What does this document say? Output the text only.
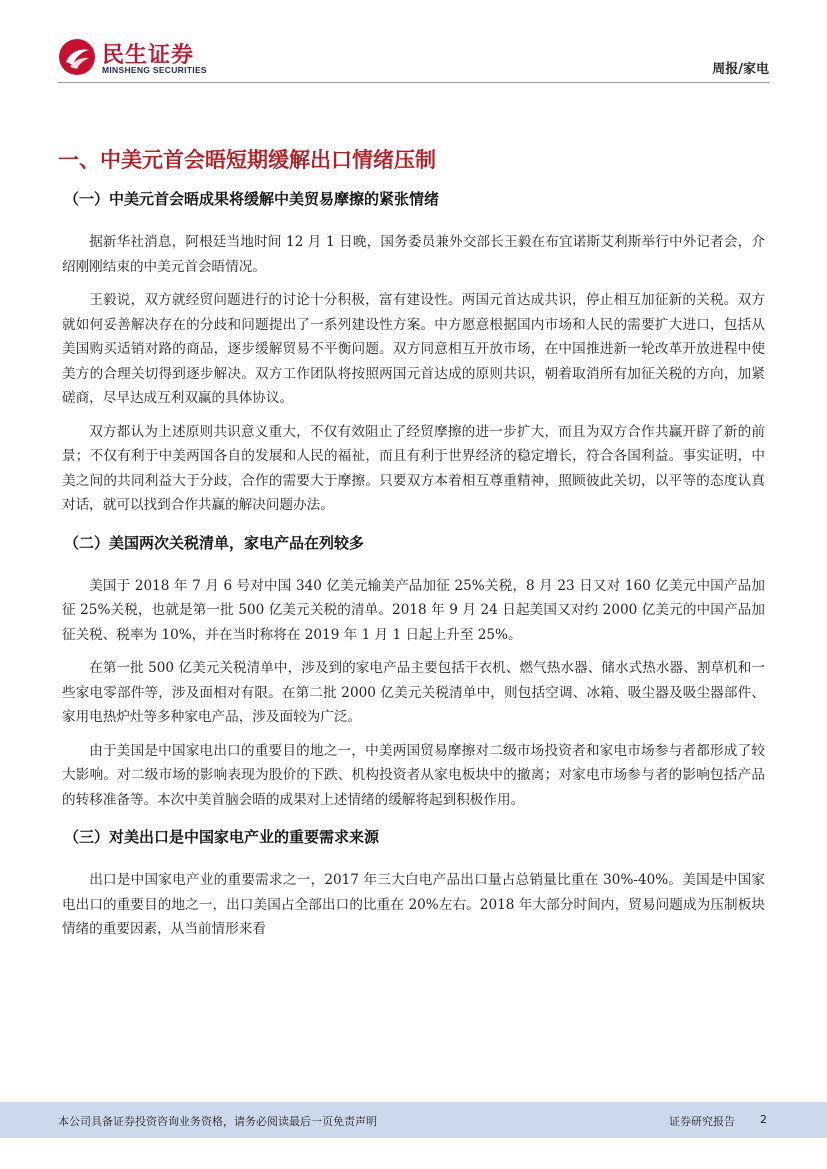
民生证券
MINSHENG SECURITIES	周报/家电
一、中美元首会晤短期缓解出口情绪压制
（一）中美元首会晤成果将缓解中美贸易摩擦的紧张情绪

据新华社消息，阿根廷当地时间 12 月 1 日晚，国务委员兼外交部长王毅在布宜诺斯艾利斯举行中外记者会，介绍刚刚结束的中美元首会晤情况。

王毅说，双方就经贸问题进行的讨论十分积极，富有建设性。两国元首达成共识，停止相互加征新的关税。双方就如何妥善解决存在的分歧和问题提出了一系列建设性方案。中方愿意根据国内市场和人民的需要扩大进口，包括从美国购买适销对路的商品，逐步缓解贸易不平衡问题。双方同意相互开放市场，在中国推进新一轮改革开放进程中使美方的合理关切得到逐步解决。双方工作团队将按照两国元首达成的原则共识，朝着取消所有加征关税的方向，加紧磋商，尽早达成互利双赢的具体协议。

双方都认为上述原则共识意义重大，不仅有效阻止了经贸摩擦的进一步扩大，而且为双方合作共赢开辟了新的前景；不仅有利于中美两国各自的发展和人民的福祉，而且有利于世界经济的稳定增长，符合各国利益。事实证明，中美之间的共同利益大于分歧，合作的需要大于摩擦。只要双方本着相互尊重精神，照顾彼此关切，以平等的态度认真对话，就可以找到合作共赢的解决问题办法。

（二）美国两次关税清单，家电产品在列较多

美国于 2018 年 7 月 6 号对中国 340 亿美元输美产品加征 25%关税，8 月 23 日又对 160 亿美元中国产品加征 25%关税，也就是第一批 500 亿美元关税的清单。2018 年 9 月 24 日起美国又对约 2000 亿美元的中国产品加征关税、税率为 10%，并在当时称将在 2019 年 1 月 1 日起上升至 25%。

在第一批 500 亿美元关税清单中，涉及到的家电产品主要包括干衣机、燃气热水器、储水式热水器、割草机和一些家电零部件等，涉及面相对有限。在第二批 2000 亿美元关税清单中，则包括空调、冰箱、吸尘器及吸尘器部件、家用电热炉灶等多种家电产品，涉及面较为广泛。

由于美国是中国家电出口的重要目的地之一，中美两国贸易摩擦对二级市场投资者和家电市场参与者都形成了较大影响。对二级市场的影响表现为股价的下跌、机构投资者从家电板块中的撤离；对家电市场参与者的影响包括产品的转移准备等。本次中美首脑会晤的成果对上述情绪的缓解将起到积极作用。

（三）对美出口是中国家电产业的重要需求来源

出口是中国家电产业的重要需求之一，2017 年三大白电产品出口量占总销量比重在 30%-40%。美国是中国家电出口的重要目的地之一，出口美国占全部出口的比重在 20%左右。2018 年大部分时间内，贸易问题成为压制板块情绪的重要因素，从当前情形来看

本公司具备证券投资咨询业务资格，请务必阅读最后一页免责声明	证券研究报告 2
